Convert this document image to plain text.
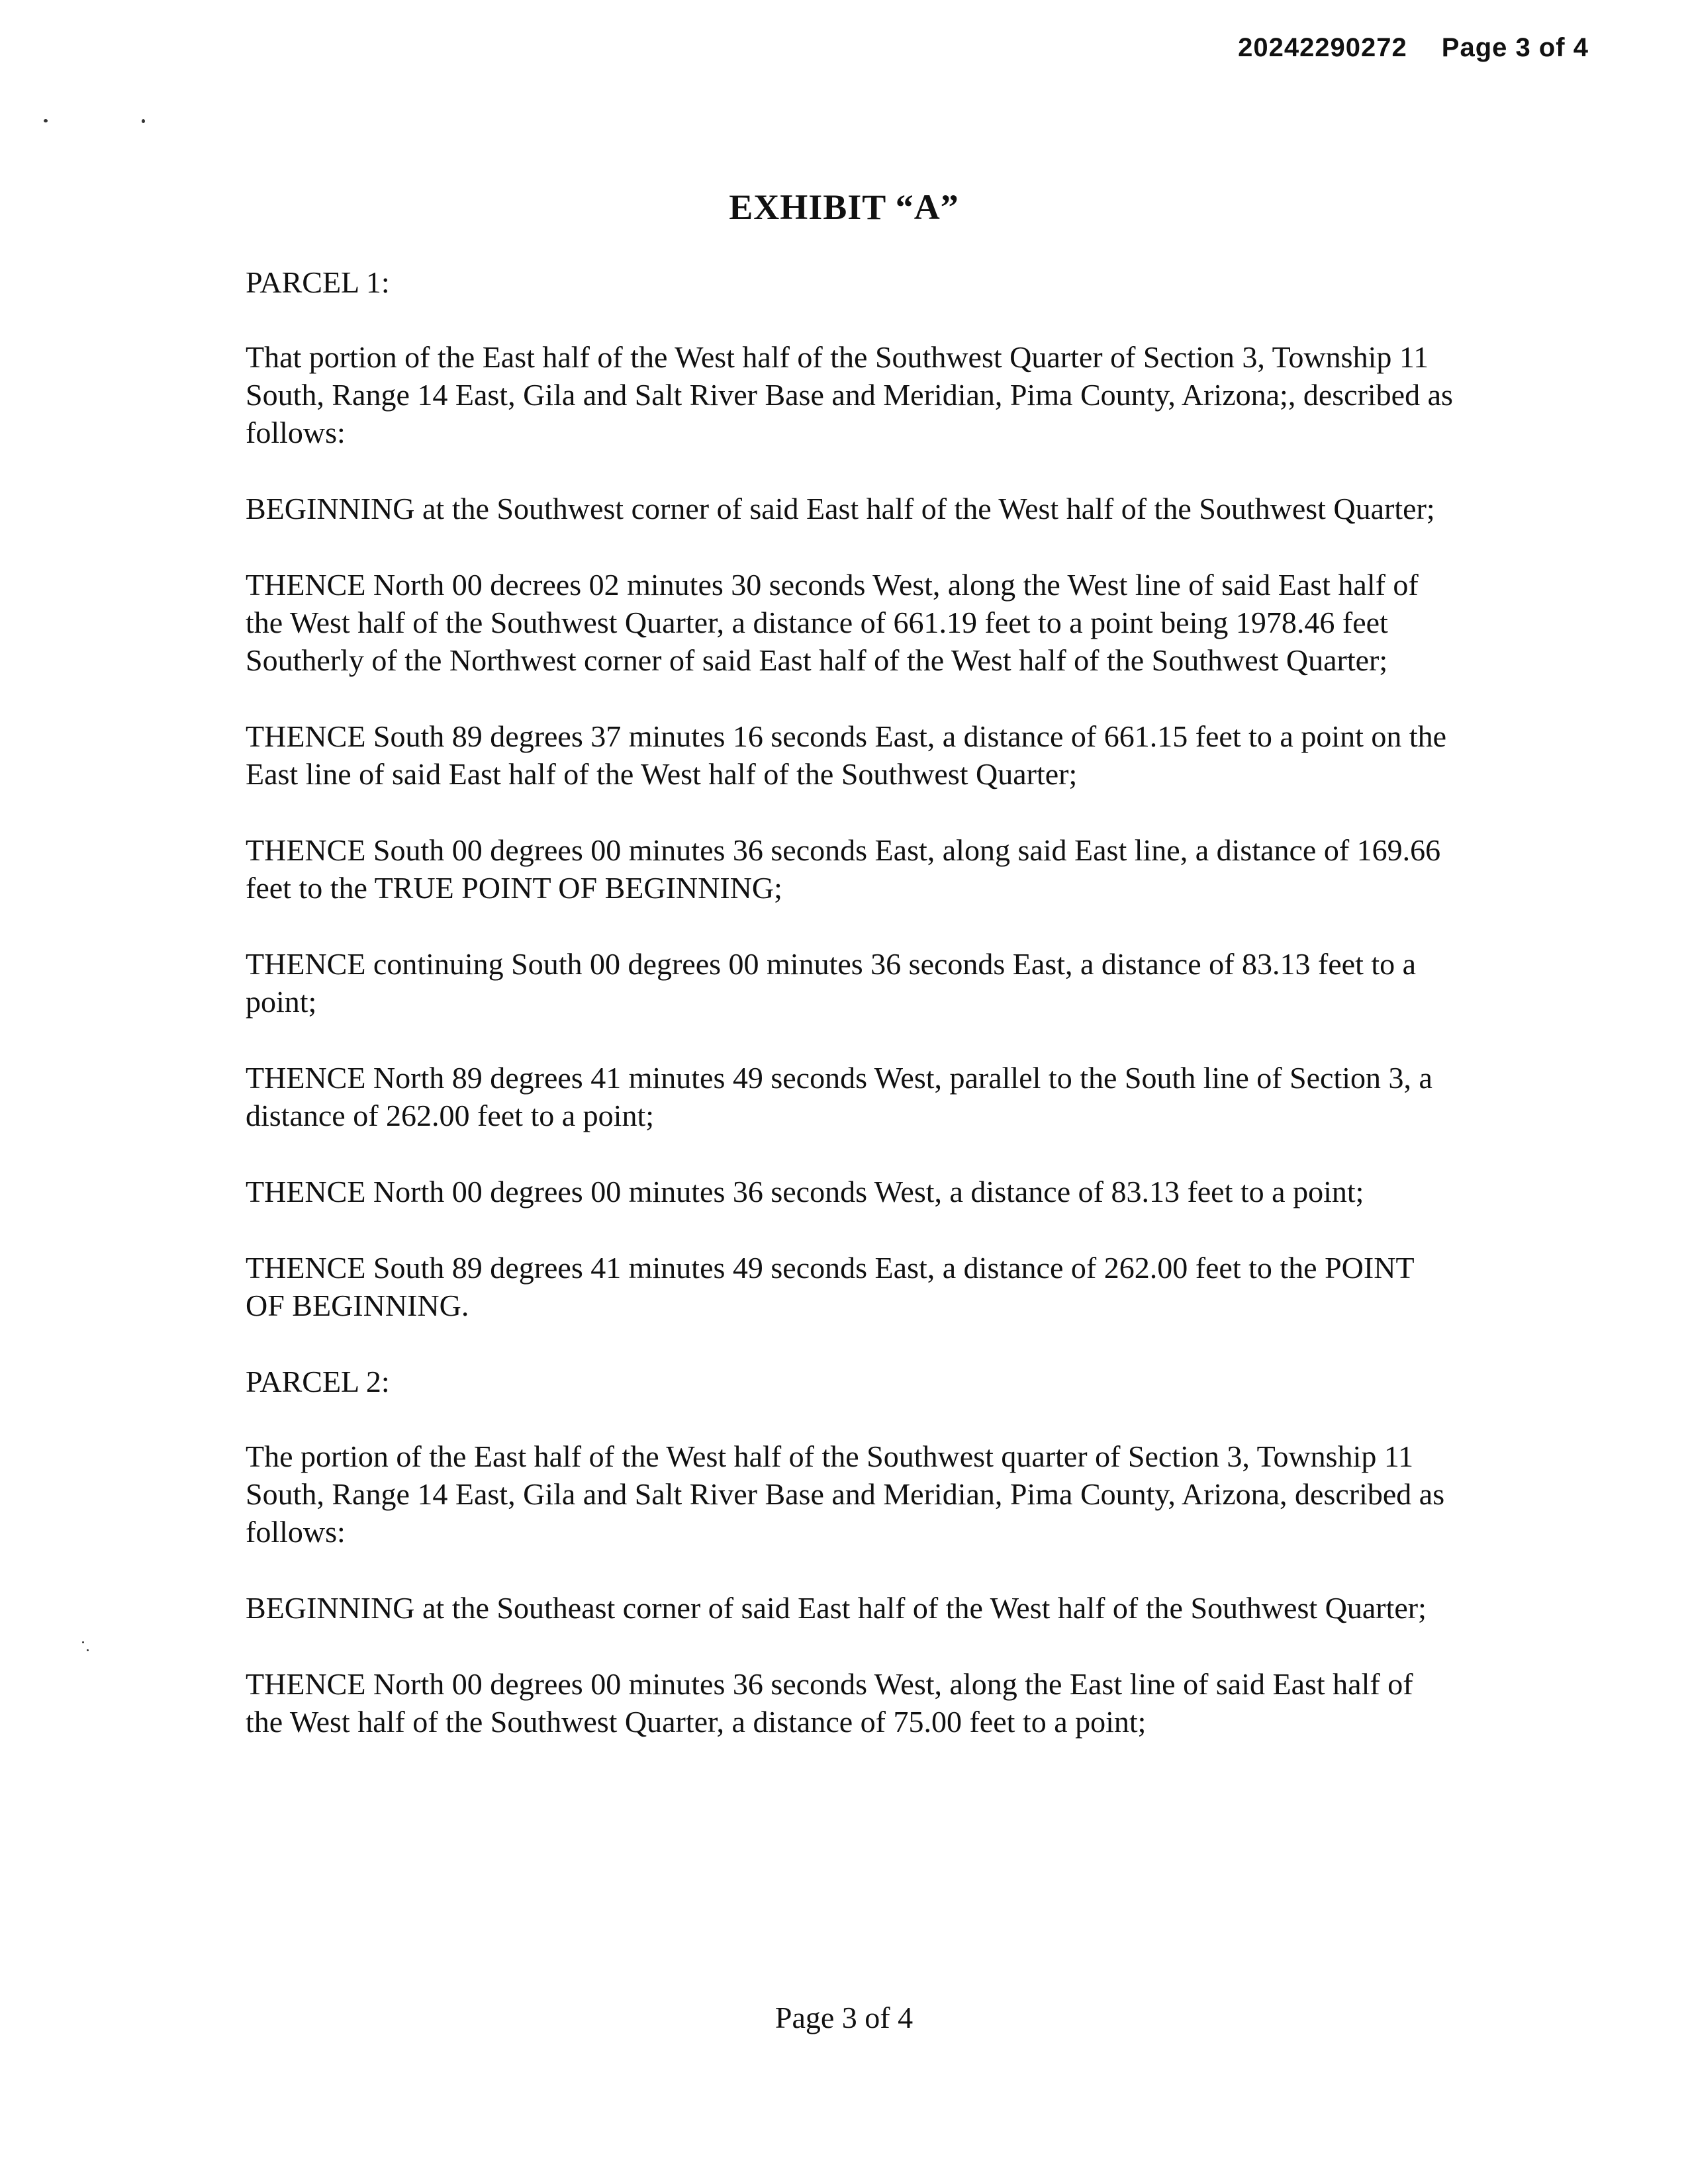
20242290272 Page 3 of 4
EXHIBIT “A”

PARCEL 1:

That portion of the East half of the West half of the Southwest Quarter of Section 3, Township 11 South, Range 14 East, Gila and Salt River Base and Meridian, Pima County, Arizona;, described as follows:

BEGINNING at the Southwest corner of said East half of the West half of the Southwest Quarter;

THENCE North 00 decrees 02 minutes 30 seconds West, along the West line of said East half of the West half of the Southwest Quarter, a distance of 661.19 feet to a point being 1978.46 feet Southerly of the Northwest corner of said East half of the West half of the Southwest Quarter;

THENCE South 89 degrees 37 minutes 16 seconds East, a distance of 661.15 feet to a point on the East line of said East half of the West half of the Southwest Quarter;

THENCE South 00 degrees 00 minutes 36 seconds East, along said East line, a distance of 169.66 feet to the TRUE POINT OF BEGINNING;

THENCE continuing South 00 degrees 00 minutes 36 seconds East, a distance of 83.13 feet to a point;

THENCE North 89 degrees 41 minutes 49 seconds West, parallel to the South line of Section 3, a distance of 262.00 feet to a point;

THENCE North 00 degrees 00 minutes 36 seconds West, a distance of 83.13 feet to a point;

THENCE South 89 degrees 41 minutes 49 seconds East, a distance of 262.00 feet to the POINT OF BEGINNING.

PARCEL 2:

The portion of the East half of the West half of the Southwest quarter of Section 3, Township 11 South, Range 14 East, Gila and Salt River Base and Meridian, Pima County, Arizona, described as follows:

BEGINNING at the Southeast corner of said East half of the West half of the Southwest Quarter;

THENCE North 00 degrees 00 minutes 36 seconds West, along the East line of said East half of the West half of the Southwest Quarter, a distance of 75.00 feet to a point;

Page 3 of 4
